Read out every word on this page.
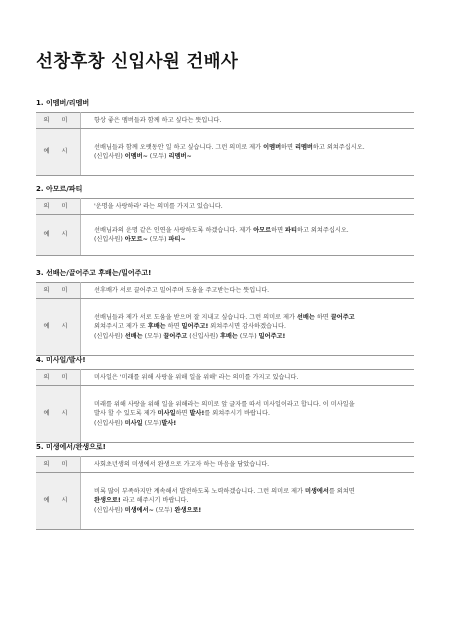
선창후창 신입사원 건배사
1. 이멤버/리멤버
의 미	항상 좋은 멤버들과 함께 하고 싶다는 뜻입니다.
예 시	선배님들과 함께 오랫동안 일 하고 싶습니다. 그런 의미로 제가 이멤버하면 리멤버하고 외쳐주십시오.
(신입사원) 이멤버~ (모두) 리멤버~
2. 아모르/파티
의 미	'운명을 사랑하라' 라는 의미를 가지고 있습니다.
예 시	선배님과의 운명 같은 인연을 사랑하도록 하겠습니다. 제가 아모르하면 파티하고 외쳐주십시오.
(신입사원) 아모르~ (모두) 파티~
3. 선배는/끌어주고 후배는/밀어주고!
의 미	선후배가 서로 끌어주고 밀어주며 도움을 주고받는다는 뜻입니다.
예 시	선배님들과 제가 서로 도움을 받으며 잘 지내고 싶습니다. 그런 의미로 제가 선배는 하면 끌어주고
외쳐주시고 제가 또 후배는 하면 밀어주고! 외쳐주시면 감사하겠습니다.
(신입사원) 선배는 (모두) 끌어주고 (신입사원) 후배는 (모두) 밀어주고!
4. 미사일/발사!
의 미	미사일은 '미래를 위해 사랑을 위해 일을 위해' 라는 의미를 가지고 있습니다.
예 시	미래를 위해 사랑을 위해 일을 위해라는 의미로 앞 글자를 따서 미사일이라고 합니다. 이 미사일을
발사 할 수 있도록 제가 미사일하면 발사!를 외쳐주시기 바랍니다.
(신입사원) 미사일 (모두)발사!
5. 미생에서/완생으로!
의 미	사회초년생의 미생에서 완생으로 가고자 하는 마음을 담았습니다.
예 시	비록 많이 부족하지만 계속해서 발전하도록 노력하겠습니다. 그런 의미로 제가 미생에서를 외쳐면
완생으로! 라고 해주시기 바랍니다.
(신입사원) 미생에서~ (모두) 완생으로!
